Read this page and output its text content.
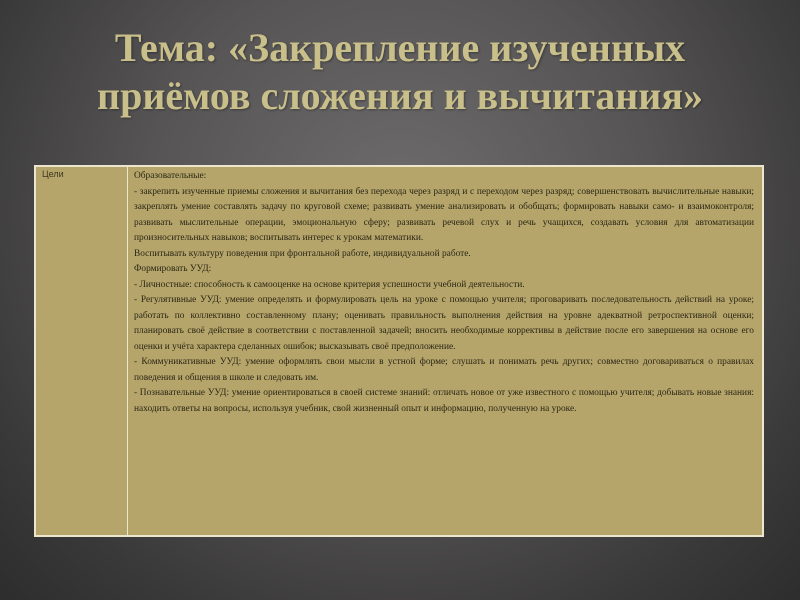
Тема: «Закрепление изученных приёмов сложения и вычитания»
Цели	Образовательные:

- закрепить изученные приемы сложения и вычитания без перехода через разряд и с переходом через разряд; совершенствовать вычислительные навыки; закреплять умение составлять задачу по круговой схеме; развивать умение анализировать и обобщать; формировать навыки само- и взаимоконтроля; развивать мыслительные операции, эмоциональную сферу; развивать речевой слух и речь учащихся, создавать условия для автоматизации произносительных навыков; воспитывать интерес к урокам математики.

Воспитывать культуру поведения при фронтальной работе, индивидуальной работе.

Формировать УУД:

- Личностные: способность к самооценке на основе критерия успешности учебной деятельности.

- Регулятивные УУД: умение определять и формулировать цель на уроке с помощью учителя; проговаривать последовательность действий на уроке; работать по коллективно составленному плану; оценивать правильность выполнения действия на уровне адекватной ретроспективной оценки; планировать своё действие в соответствии с поставленной задачей; вносить необходимые коррективы в действие после его завершения на основе его оценки и учёта характера сделанных ошибок; высказывать своё предположение.

- Коммуникативные УУД: умение оформлять свои мысли в устной форме; слушать и понимать речь других; совместно договариваться о правилах поведения и общения в школе и следовать им.

- Познавательные УУД: умение ориентироваться в своей системе знаний: отличать новое от уже известного с помощью учителя; добывать новые знания: находить ответы на вопросы, используя учебник, свой жизненный опыт и информацию, полученную на уроке.
